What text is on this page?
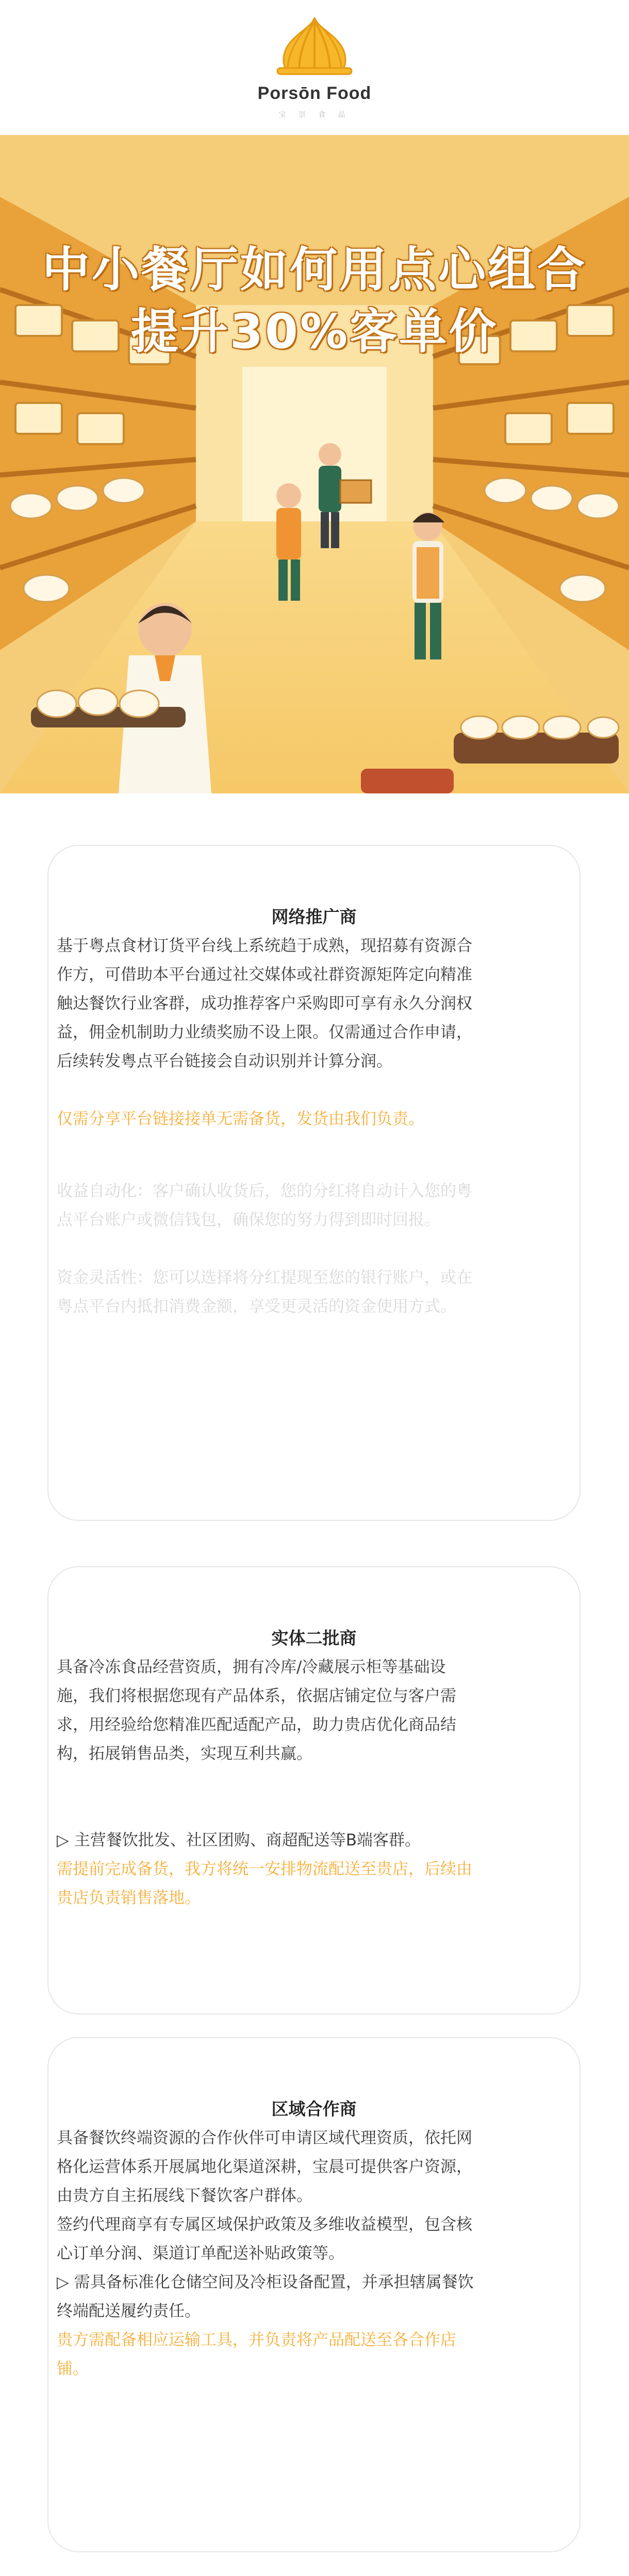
Porsōn Food
宝 崇 食 品
中小餐厅如何用点心组合
提升30%客单价
网络推广商
基于粤点食材订货平台线上系统趋于成熟，现招募有资源合作方，可借助本平台通过社交媒体或社群资源矩阵定向精准触达餐饮行业客群，成功推荐客户采购即可享有永久分润权益，佣金机制助力业绩奖励不设上限。仅需通过合作申请，后续转发粤点平台链接会自动识别并计算分润。
仅需分享平台链接接单无需备货，发货由我们负责。
收益自动化：客户确认收货后，您的分红将自动计入您的粤点平台账户或微信钱包，确保您的努力得到即时回报。
资金灵活性：您可以选择将分红提现至您的银行账户，或在粤点平台内抵扣消费金额，享受更灵活的资金使用方式。
实体二批商
具备冷冻食品经营资质，拥有冷库/冷藏展示柜等基础设施，我们将根据您现有产品体系，依据店铺定位与客户需求，用经验给您精准匹配适配产品，助力贵店优化商品结构，拓展销售品类，实现互利共赢。
▷ 主营餐饮批发、社区团购、商超配送等B端客群。
需提前完成备货，我方将统一安排物流配送至贵店，后续由贵店负责销售落地。
区域合作商
具备餐饮终端资源的合作伙伴可申请区域代理资质，依托网格化运营体系开展属地化渠道深耕，宝晨可提供客户资源，由贵方自主拓展线下餐饮客户群体。
签约代理商享有专属区域保护政策及多维收益模型，包含核心订单分润、渠道订单配送补贴政策等。
▷ 需具备标准化仓储空间及冷柜设备配置，并承担辖属餐饮终端配送履约责任。
贵方需配备相应运输工具，并负责将产品配送至各合作店铺。
